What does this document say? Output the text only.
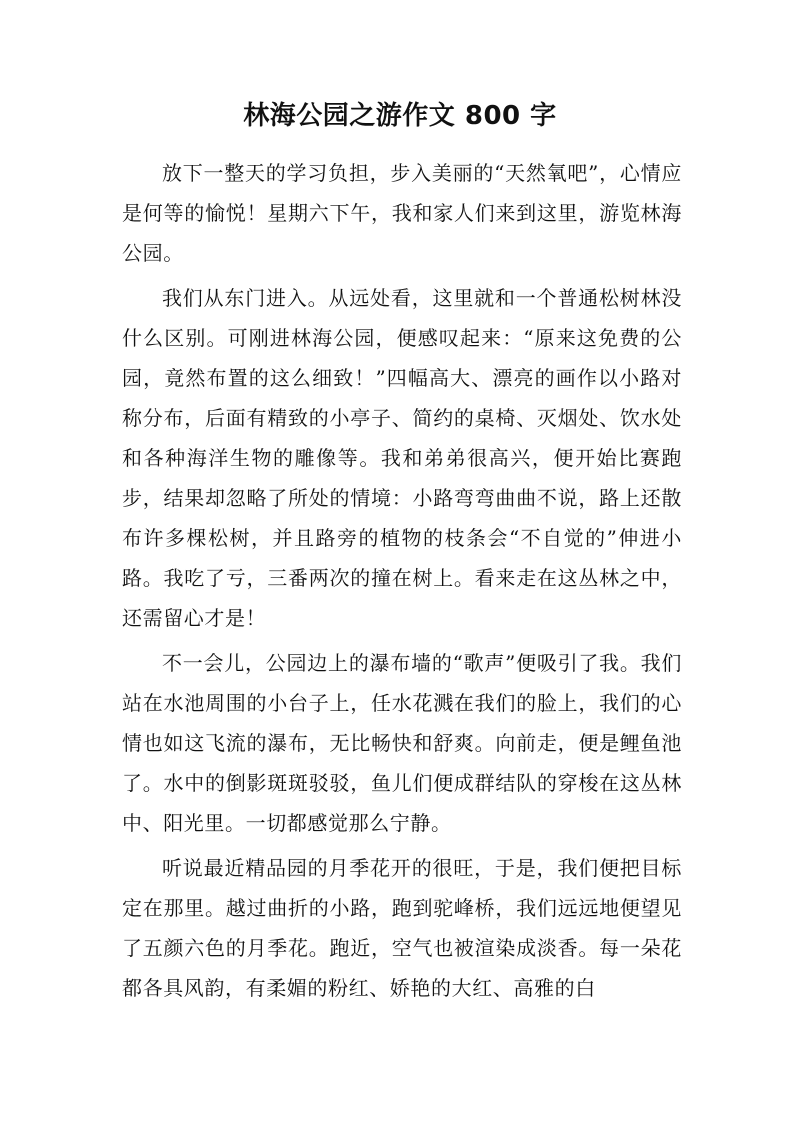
林海公园之游作文 800 字

放下一整天的学习负担，步入美丽的“天然氧吧”，心情应是何等的愉悦！星期六下午，我和家人们来到这里，游览林海公园。

我们从东门进入。从远处看，这里就和一个普通松树林没什么区别。可刚进林海公园，便感叹起来：“原来这免费的公园，竟然布置的这么细致！”四幅高大、漂亮的画作以小路对称分布，后面有精致的小亭子、简约的桌椅、灭烟处、饮水处和各种海洋生物的雕像等。我和弟弟很高兴，便开始比赛跑步，结果却忽略了所处的情境：小路弯弯曲曲不说，路上还散布许多棵松树，并且路旁的植物的枝条会“不自觉的”伸进小路。我吃了亏，三番两次的撞在树上。看来走在这丛林之中，还需留心才是！

不一会儿，公园边上的瀑布墙的“歌声”便吸引了我。我们站在水池周围的小台子上，任水花溅在我们的脸上，我们的心情也如这飞流的瀑布，无比畅快和舒爽。向前走，便是鲤鱼池了。水中的倒影斑斑驳驳，鱼儿们便成群结队的穿梭在这丛林中、阳光里。一切都感觉那么宁静。

听说最近精品园的月季花开的很旺，于是，我们便把目标定在那里。越过曲折的小路，跑到驼峰桥，我们远远地便望见了五颜六色的月季花。跑近，空气也被渲染成淡香。每一朵花都各具风韵，有柔媚的粉红、娇艳的大红、高雅的白
